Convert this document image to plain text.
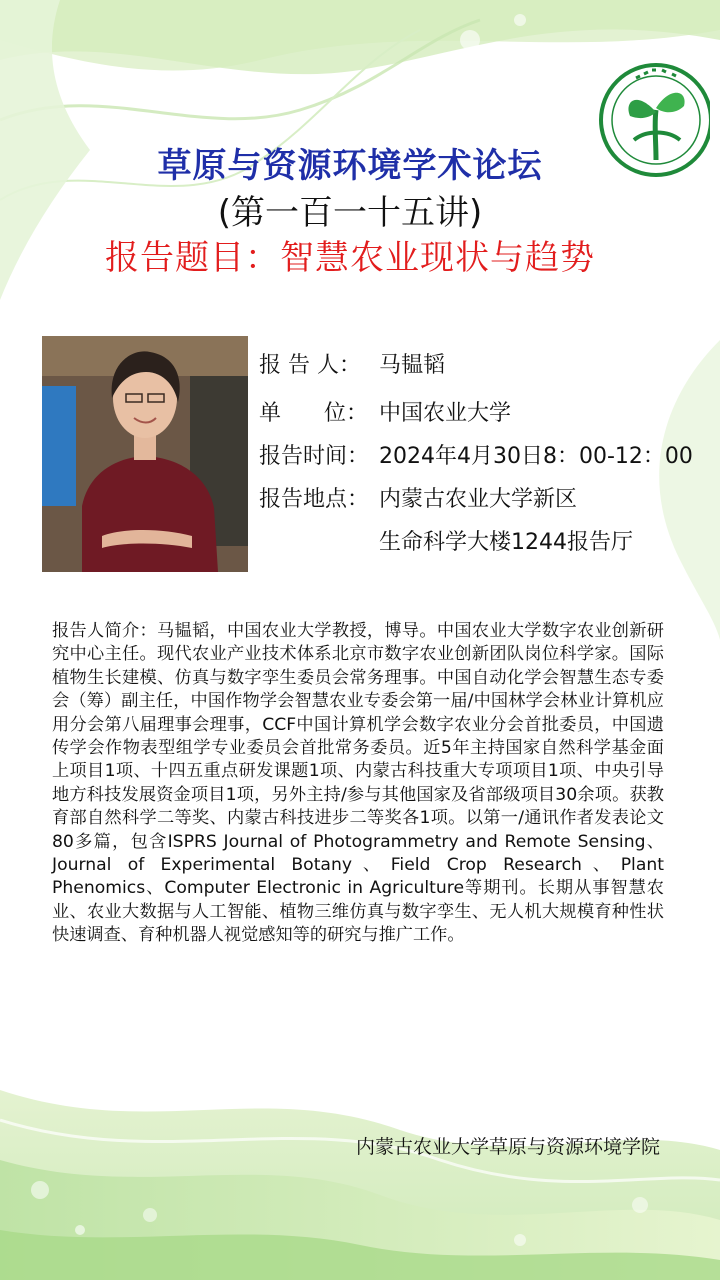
草原与资源环境学术论坛
(第一百一十五讲)
报告题目：智慧农业现状与趋势
报 告 人： 马韫韬
单 位： 中国农业大学
报告时间： 2024年4月30日8：00-12：00
报告地点： 内蒙古农业大学新区
生命科学大楼1244报告厅
报告人简介：马韫韬，中国农业大学教授，博导。中国农业大学数字农业创新研究中心主任。现代农业产业技术体系北京市数字农业创新团队岗位科学家。国际植物生长建模、仿真与数字孪生委员会常务理事。中国自动化学会智慧生态专委会（筹）副主任，中国作物学会智慧农业专委会第一届/中国林学会林业计算机应用分会第八届理事会理事，CCF中国计算机学会数字农业分会首批委员，中国遗传学会作物表型组学专业委员会首批常务委员。近5年主持国家自然科学基金面上项目1项、十四五重点研发课题1项、内蒙古科技重大专项项目1项、中央引导地方科技发展资金项目1项，另外主持/参与其他国家及省部级项目30余项。获教育部自然科学二等奖、内蒙古科技进步二等奖各1项。以第一/通讯作者发表论文80多篇，包含ISPRS Journal of Photogrammetry and Remote Sensing、Journal of Experimental Botany、Field Crop Research、Plant Phenomics、Computer Electronic in Agriculture等期刊。长期从事智慧农业、农业大数据与人工智能、植物三维仿真与数字孪生、无人机大规模育种性状快速调查、育种机器人视觉感知等的研究与推广工作。
内蒙古农业大学草原与资源环境学院
